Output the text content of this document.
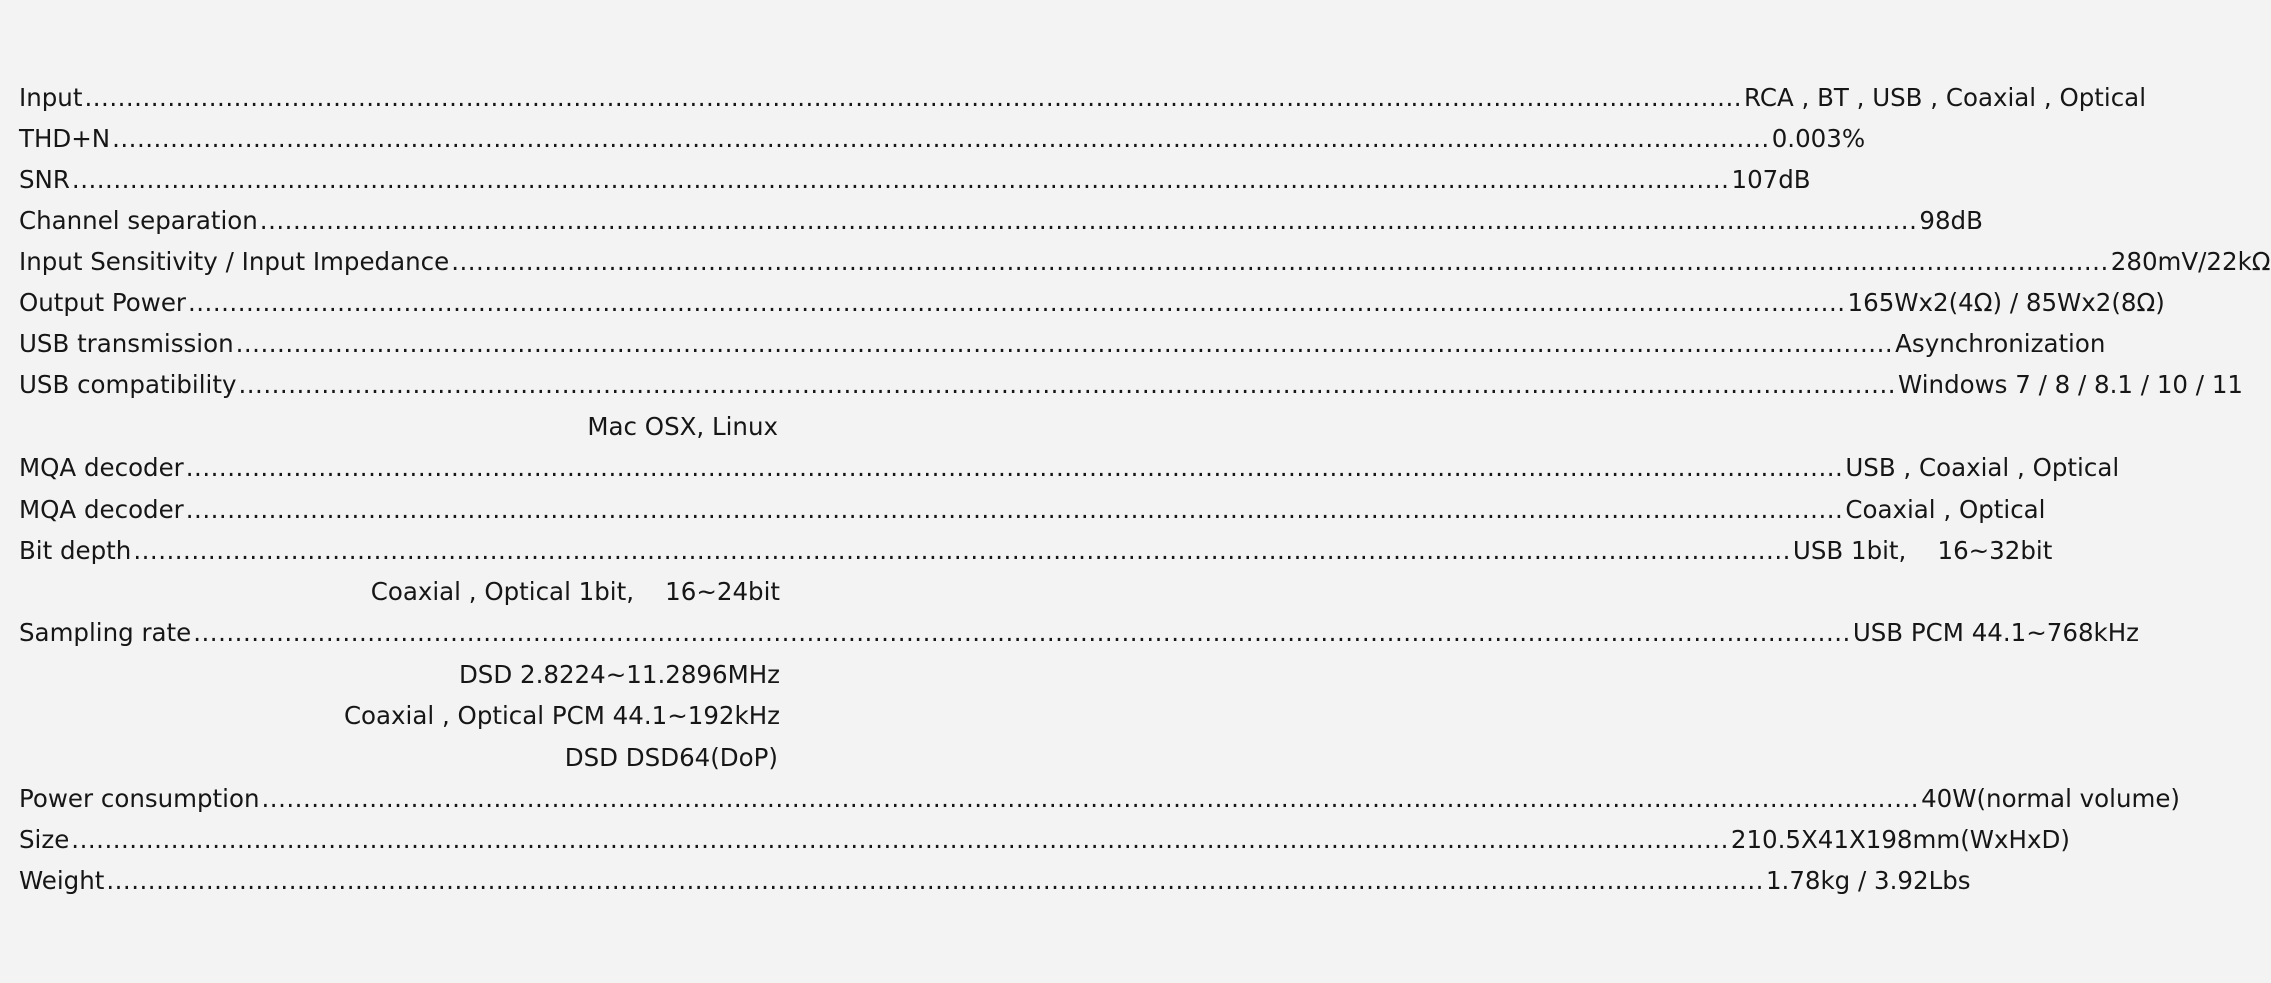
Input ........................................................................................................................................................................................................ RCA , BT , USB , Coaxial , Optical
THD+N ........................................................................................................................................................................................................ 0.003%
SNR ........................................................................................................................................................................................................ 107dB
Channel separation ........................................................................................................................................................................................................ 98dB
Input Sensitivity / Input Impedance ........................................................................................................................................................................................................ 280mV/22kΩ
Output Power ........................................................................................................................................................................................................ 165Wx2(4Ω) / 85Wx2(8Ω)
USB transmission ........................................................................................................................................................................................................ Asynchronization
USB compatibility ........................................................................................................................................................................................................ Windows 7 / 8 / 8.1 / 10 / 11
Mac OSX, Linux
MQA decoder ........................................................................................................................................................................................................ USB , Coaxial , Optical
MQA decoder ........................................................................................................................................................................................................ Coaxial , Optical
Bit depth ........................................................................................................................................................................................................ USB 1bit,    16~32bit
Coaxial , Optical 1bit,    16~24bit
Sampling rate ........................................................................................................................................................................................................ USB PCM 44.1~768kHz
DSD 2.8224~11.2896MHz
Coaxial , Optical PCM 44.1~192kHz
DSD DSD64(DoP)
Power consumption ........................................................................................................................................................................................................ 40W(normal volume)
Size ........................................................................................................................................................................................................ 210.5X41X198mm(WxHxD)
Weight ........................................................................................................................................................................................................ 1.78kg / 3.92Lbs
